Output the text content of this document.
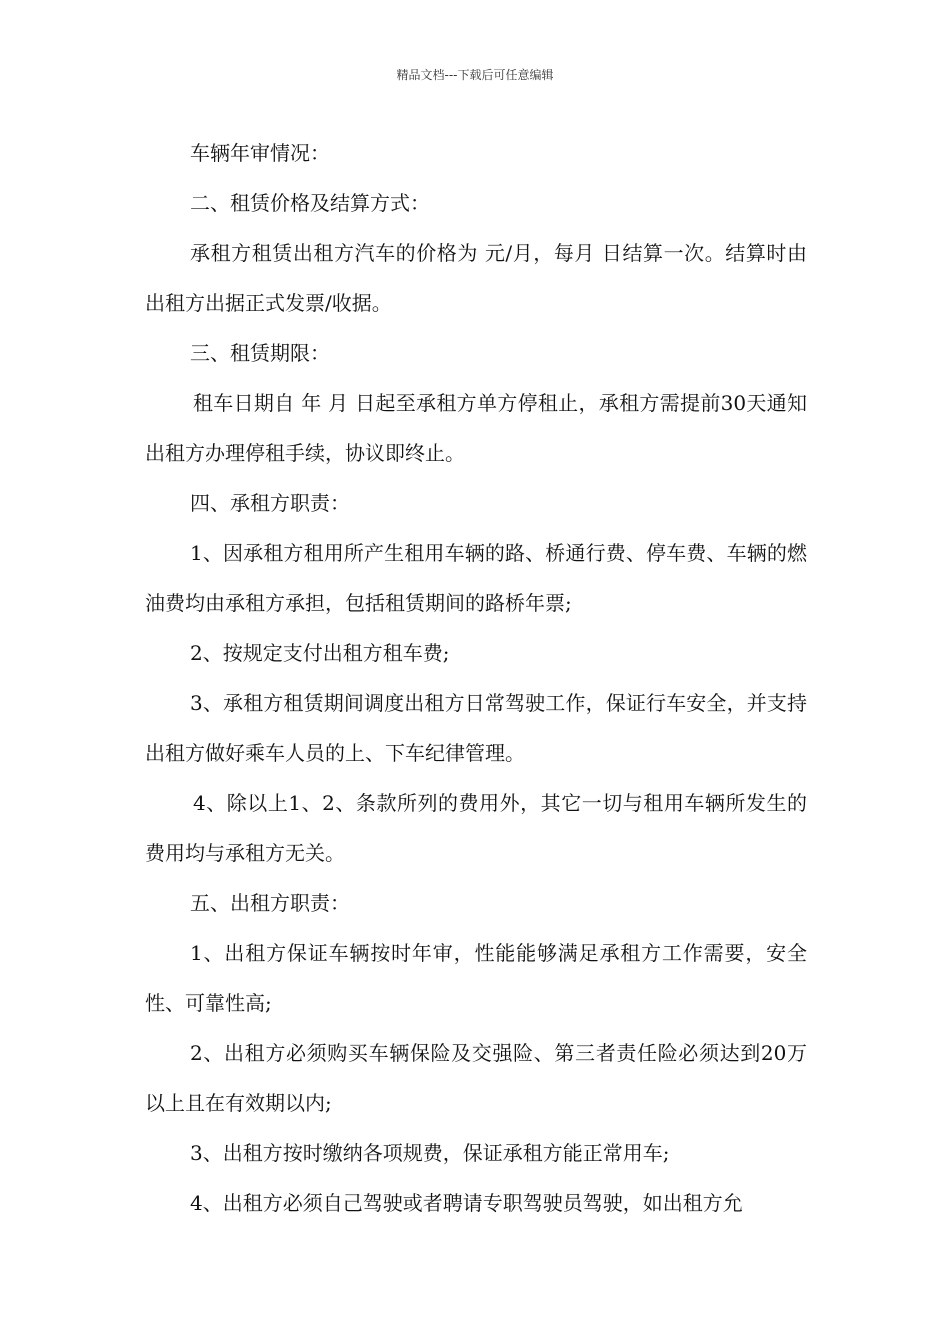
精品文档---下载后可任意编辑

车辆年审情况：

二、租赁价格及结算方式：

承租方租赁出租方汽车的价格为 元/月，每月 日结算一次。结算时由出租方出据正式发票/收据。

三、租赁期限：

租车日期自 年 月 日起至承租方单方停租止，承租方需提前30天通知出租方办理停租手续，协议即终止。

四、承租方职责：

1、因承租方租用所产生租用车辆的路、桥通行费、停车费、车辆的燃油费均由承租方承担，包括租赁期间的路桥年票;

2、按规定支付出租方租车费;

3、承租方租赁期间调度出租方日常驾驶工作，保证行车安全，并支持出租方做好乘车人员的上、下车纪律管理。

4、除以上1、2、条款所列的费用外，其它一切与租用车辆所发生的费用均与承租方无关。

五、出租方职责：

1、出租方保证车辆按时年审，性能能够满足承租方工作需要，安全性、可靠性高;

2、出租方必须购买车辆保险及交强险、第三者责任险必须达到20万以上且在有效期以内;

3、出租方按时缴纳各项规费，保证承租方能正常用车;

4、出租方必须自己驾驶或者聘请专职驾驶员驾驶，如出租方允
